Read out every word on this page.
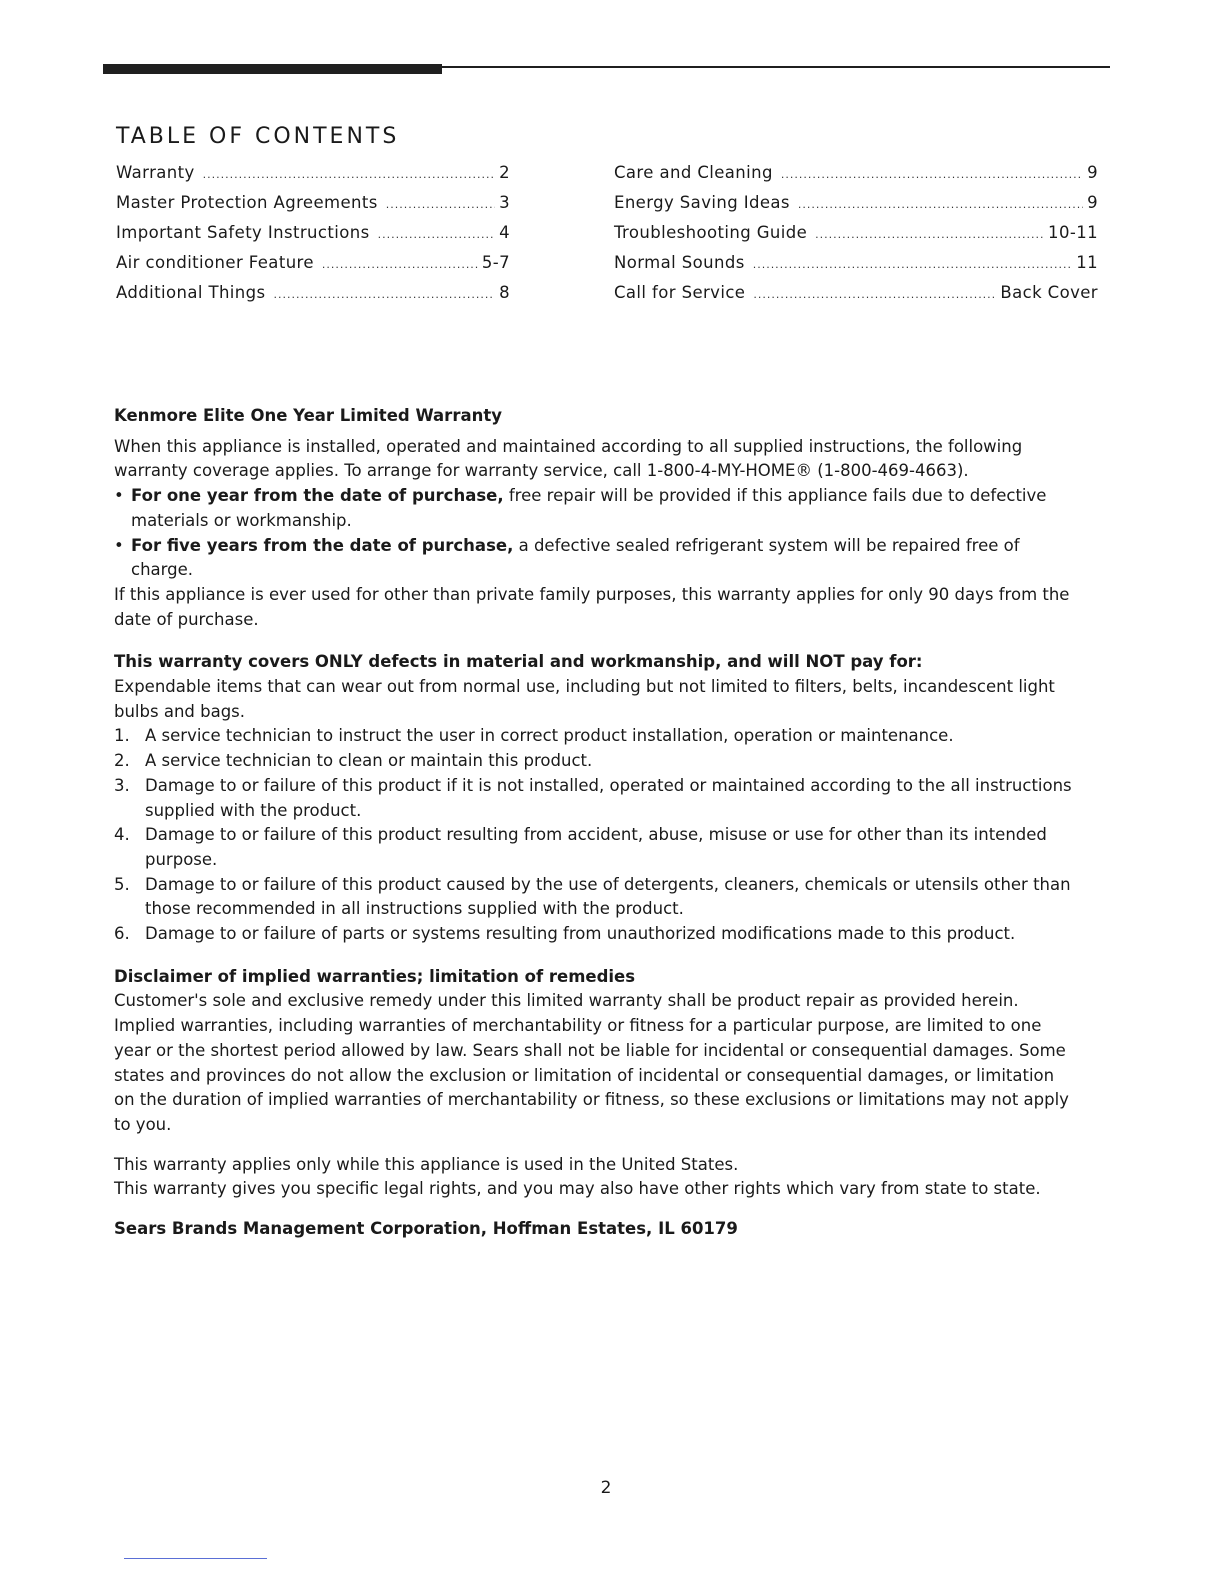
TABLE OF CONTENTS
Warranty .....	2
Master Protection Agreements .....	3
Important Safety Instructions .....	4
Air conditioner Feature .....	5-7
Additional Things .....	8
Care and Cleaning .....	9
Energy Saving Ideas .....	9
Troubleshooting Guide .....	10-11
Normal Sounds .....	11
Call for Service .....	Back Cover

Kenmore Elite One Year Limited Warranty

When this appliance is installed, operated and maintained according to all supplied instructions, the following warranty coverage applies. To arrange for warranty service, call 1-800-4-MY-HOME® (1-800-469-4663).

• For one year from the date of purchase, free repair will be provided if this appliance fails due to defective materials or workmanship.
• For five years from the date of purchase, a defective sealed refrigerant system will be repaired free of charge.

If this appliance is ever used for other than private family purposes, this warranty applies for only 90 days from the date of purchase.

This warranty covers ONLY defects in material and workmanship, and will NOT pay for:

Expendable items that can wear out from normal use, including but not limited to filters, belts, incandescent light bulbs and bags.

1. A service technician to instruct the user in correct product installation, operation or maintenance.
2. A service technician to clean or maintain this product.
3. Damage to or failure of this product if it is not installed, operated or maintained according to the all instructions supplied with the product.
4. Damage to or failure of this product resulting from accident, abuse, misuse or use for other than its intended purpose.
5. Damage to or failure of this product caused by the use of detergents, cleaners, chemicals or utensils other than those recommended in all instructions supplied with the product.
6. Damage to or failure of parts or systems resulting from unauthorized modifications made to this product.

Disclaimer of implied warranties; limitation of remedies

Customer's sole and exclusive remedy under this limited warranty shall be product repair as provided herein. Implied warranties, including warranties of merchantability or fitness for a particular purpose, are limited to one year or the shortest period allowed by law. Sears shall not be liable for incidental or consequential damages. Some states and provinces do not allow the exclusion or limitation of incidental or consequential damages, or limitation on the duration of implied warranties of merchantability or fitness, so these exclusions or limitations may not apply to you.

This warranty applies only while this appliance is used in the United States.

This warranty gives you specific legal rights, and you may also have other rights which vary from state to state.

Sears Brands Management Corporation, Hoffman Estates, IL 60179

2
